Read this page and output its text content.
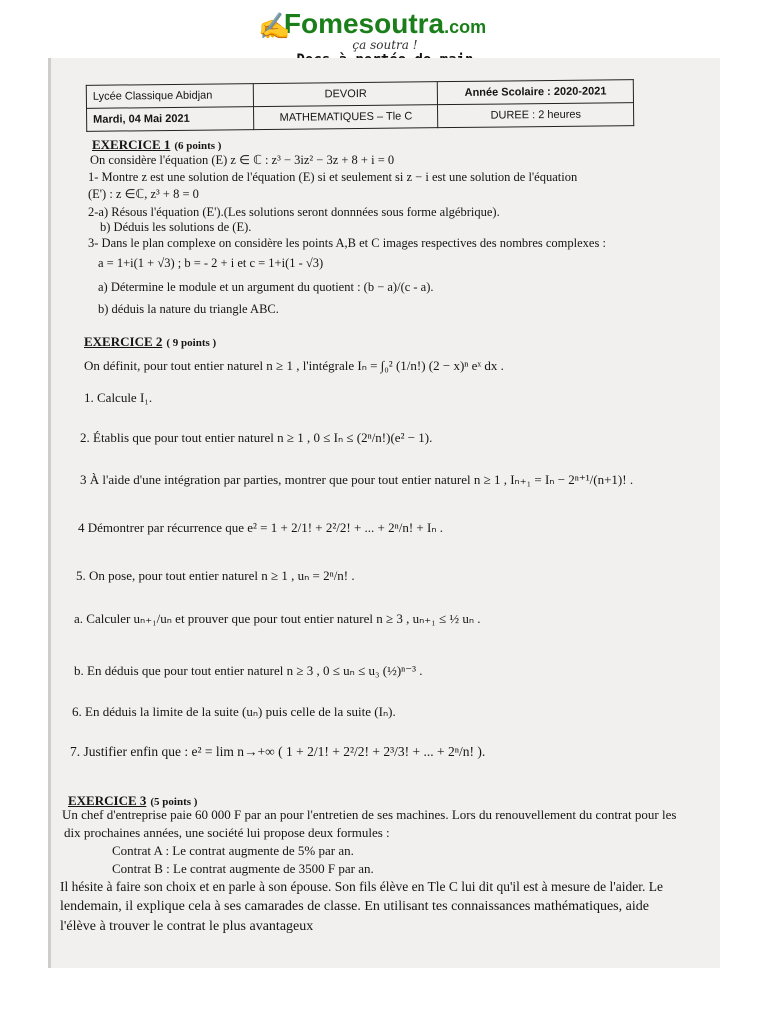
✍
Fomesoutra.com
ça soutra !
Lycée Classique Abidjan	DEVOIR	Année Scolaire : 2020-2021
Mardi, 04 Mai 2021	MATHEMATIQUES – Tle C	DUREE : 2 heures
EXERCICE 1 (6 points )
On considère l'équation (E) z ∈ ℂ : z³ − 3iz² − 3z + 8 + i = 0
1- Montre z est une solution de l'équation (E) si et seulement si z − i est une solution de l'équation
(E') : z ∈ℂ, z³ + 8 = 0
2-a) Résous l'équation (E').(Les solutions seront donnnées sous forme algébrique).
b) Déduis les solutions de (E).
3- Dans le plan complexe on considère les points A,B et C images respectives des nombres complexes :
a = 1+i(1 + √3) ; b = - 2 + i et c = 1+i(1 - √3)
a) Détermine le module et un argument du quotient : (b − a)/(c - a).
b) déduis la nature du triangle ABC.
EXERCICE 2 ( 9 points )
On définit, pour tout entier naturel n ≥ 1 , l'intégrale Iₙ = ∫₀² (1/n!) (2 − x)ⁿ eˣ dx .
1. Calcule I₁.
2. Établis que pour tout entier naturel n ≥ 1 , 0 ≤ Iₙ ≤ (2ⁿ/n!)(e² − 1).
3 À l'aide d'une intégration par parties, montrer que pour tout entier naturel n ≥ 1 , Iₙ₊₁ = Iₙ − 2ⁿ⁺¹/(n+1)! .
4 Démontrer par récurrence que e² = 1 + 2/1! + 2²/2! + ... + 2ⁿ/n! + Iₙ .
5. On pose, pour tout entier naturel n ≥ 1 , uₙ = 2ⁿ/n! .
a. Calculer uₙ₊₁/uₙ et prouver que pour tout entier naturel n ≥ 3 , uₙ₊₁ ≤ ½ uₙ .
b. En déduis que pour tout entier naturel n ≥ 3 , 0 ≤ uₙ ≤ u₃ (½)ⁿ⁻³ .
6. En déduis la limite de la suite (uₙ) puis celle de la suite (Iₙ).
7. Justifier enfin que : e² = lim n→+∞ ( 1 + 2/1! + 2²/2! + 2³/3! + ... + 2ⁿ/n! ).
EXERCICE 3 (5 points )
Un chef d'entreprise paie 60 000 F par an pour l'entretien de ses machines. Lors du renouvellement du contrat pour les
dix prochaines années, une société lui propose deux formules :
Contrat A : Le contrat augmente de 5% par an.
Contrat B : Le contrat augmente de 3500 F par an.
Il hésite à faire son choix et en parle à son épouse. Son fils élève en Tle C lui dit qu'il est à mesure de l'aider. Le
lendemain, il explique cela à ses camarades de classe. En utilisant tes connaissances mathématiques, aide
l'élève à trouver le contrat le plus avantageux
